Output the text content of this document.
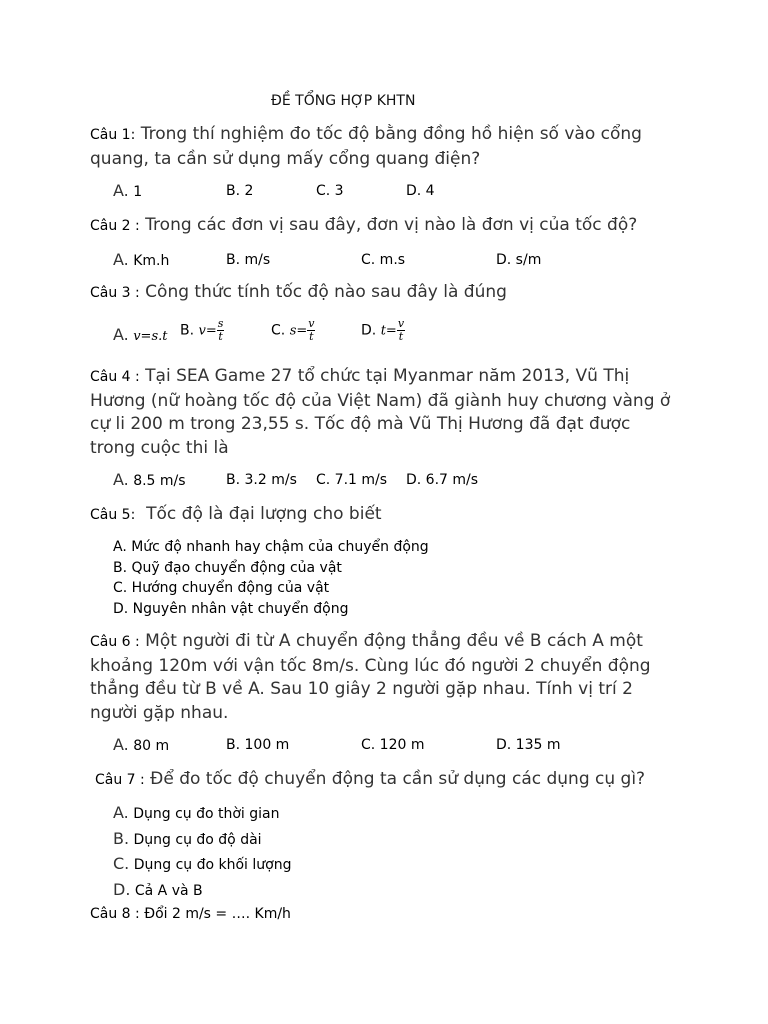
ĐỀ TỔNG HỢP KHTN
Câu 1: Trong thí nghiệm đo tốc độ bằng đồng hồ hiện số vào cổng quang, ta cần sử dụng mấy cổng quang điện?
A. 1	B. 2	C. 3	D. 4
Câu 2 : Trong các đơn vị sau đây, đơn vị nào là đơn vị của tốc độ?
A. Km.h	B. m/s	C. m.s	D. s/m
Câu 3 : Công thức tính tốc độ nào sau đây là đúng
A. v=s.t B. $v= \frac{s}{t}$	C. $s= \frac{v}{t}$	D. $t= \frac{v}{t}$
Câu 4 : Tại SEA Game 27 tổ chức tại Myanmar năm 2013, Vũ Thị Hương (nữ hoàng tốc độ của Việt Nam) đã giành huy chương vàng ở cự li 200 m trong 23,55 s. Tốc độ mà Vũ Thị Hương đã đạt được trong cuộc thi là
A. 8.5 m/s	B. 3.2 m/s C. 7.1 m/s D. 6.7 m/s
Câu 5:  Tốc độ là đại lượng cho biết
A. Mức độ nhanh hay chậm của chuyển động
B. Quỹ đạo chuyển động của vật
C. Hướng chuyển động của vật
D. Nguyên nhân vật chuyển động
Câu 6 : Một người đi từ A chuyển động thẳng đều về B cách A một khoảng 120m với vận tốc 8m/s. Cùng lúc đó người 2 chuyển động thẳng đều từ B về A. Sau 10 giây 2 người gặp nhau. Tính vị trí 2 người gặp nhau.
A. 80 m	B. 100 m	C. 120 m	D. 135 m
Câu 7 : Để đo tốc độ chuyển động ta cần sử dụng các dụng cụ gì?
A. Dụng cụ đo thời gian
B. Dụng cụ đo độ dài
C. Dụng cụ đo khối lượng
D. Cả A và B
Câu 8 : Đổi 2 m/s = …. Km/h
